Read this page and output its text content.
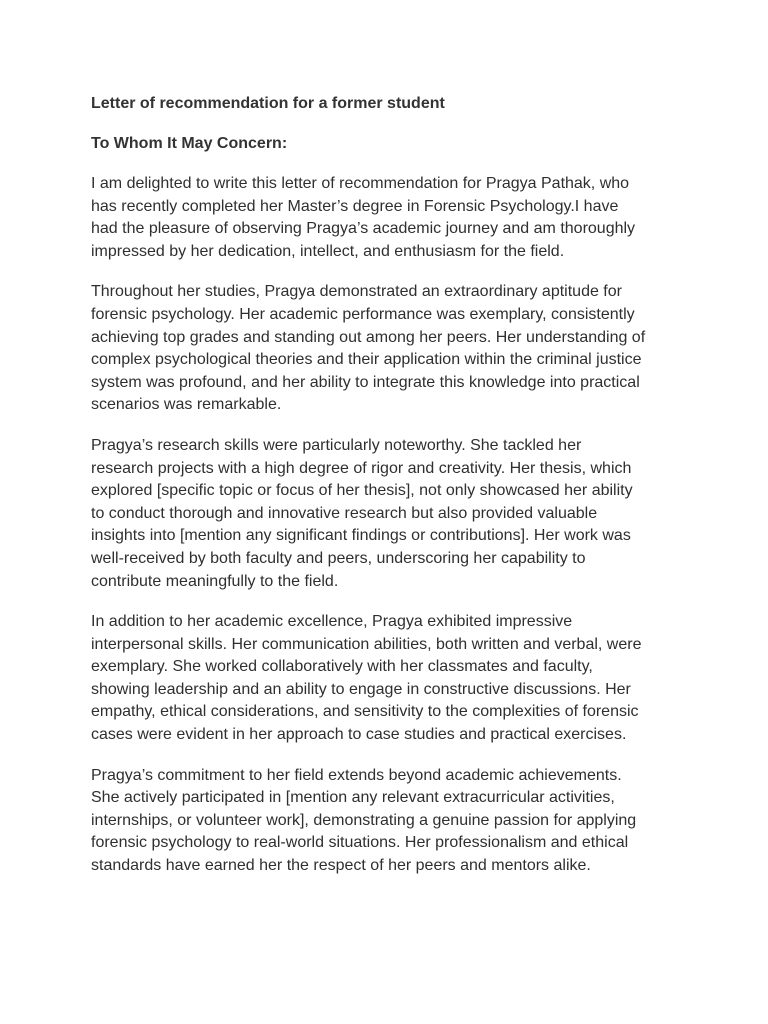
Letter of recommendation for a former student

To Whom It May Concern:

I am delighted to write this letter of recommendation for Pragya Pathak, who
has recently completed her Master’s degree in Forensic Psychology.I have
had the pleasure of observing Pragya’s academic journey and am thoroughly
impressed by her dedication, intellect, and enthusiasm for the field.

Throughout her studies, Pragya demonstrated an extraordinary aptitude for
forensic psychology. Her academic performance was exemplary, consistently
achieving top grades and standing out among her peers. Her understanding of
complex psychological theories and their application within the criminal justice
system was profound, and her ability to integrate this knowledge into practical
scenarios was remarkable.

Pragya’s research skills were particularly noteworthy. She tackled her
research projects with a high degree of rigor and creativity. Her thesis, which
explored [specific topic or focus of her thesis], not only showcased her ability
to conduct thorough and innovative research but also provided valuable
insights into [mention any significant findings or contributions]. Her work was
well-received by both faculty and peers, underscoring her capability to
contribute meaningfully to the field.

In addition to her academic excellence, Pragya exhibited impressive
interpersonal skills. Her communication abilities, both written and verbal, were
exemplary. She worked collaboratively with her classmates and faculty,
showing leadership and an ability to engage in constructive discussions. Her
empathy, ethical considerations, and sensitivity to the complexities of forensic
cases were evident in her approach to case studies and practical exercises.

Pragya’s commitment to her field extends beyond academic achievements.
She actively participated in [mention any relevant extracurricular activities,
internships, or volunteer work], demonstrating a genuine passion for applying
forensic psychology to real-world situations. Her professionalism and ethical
standards have earned her the respect of her peers and mentors alike.
